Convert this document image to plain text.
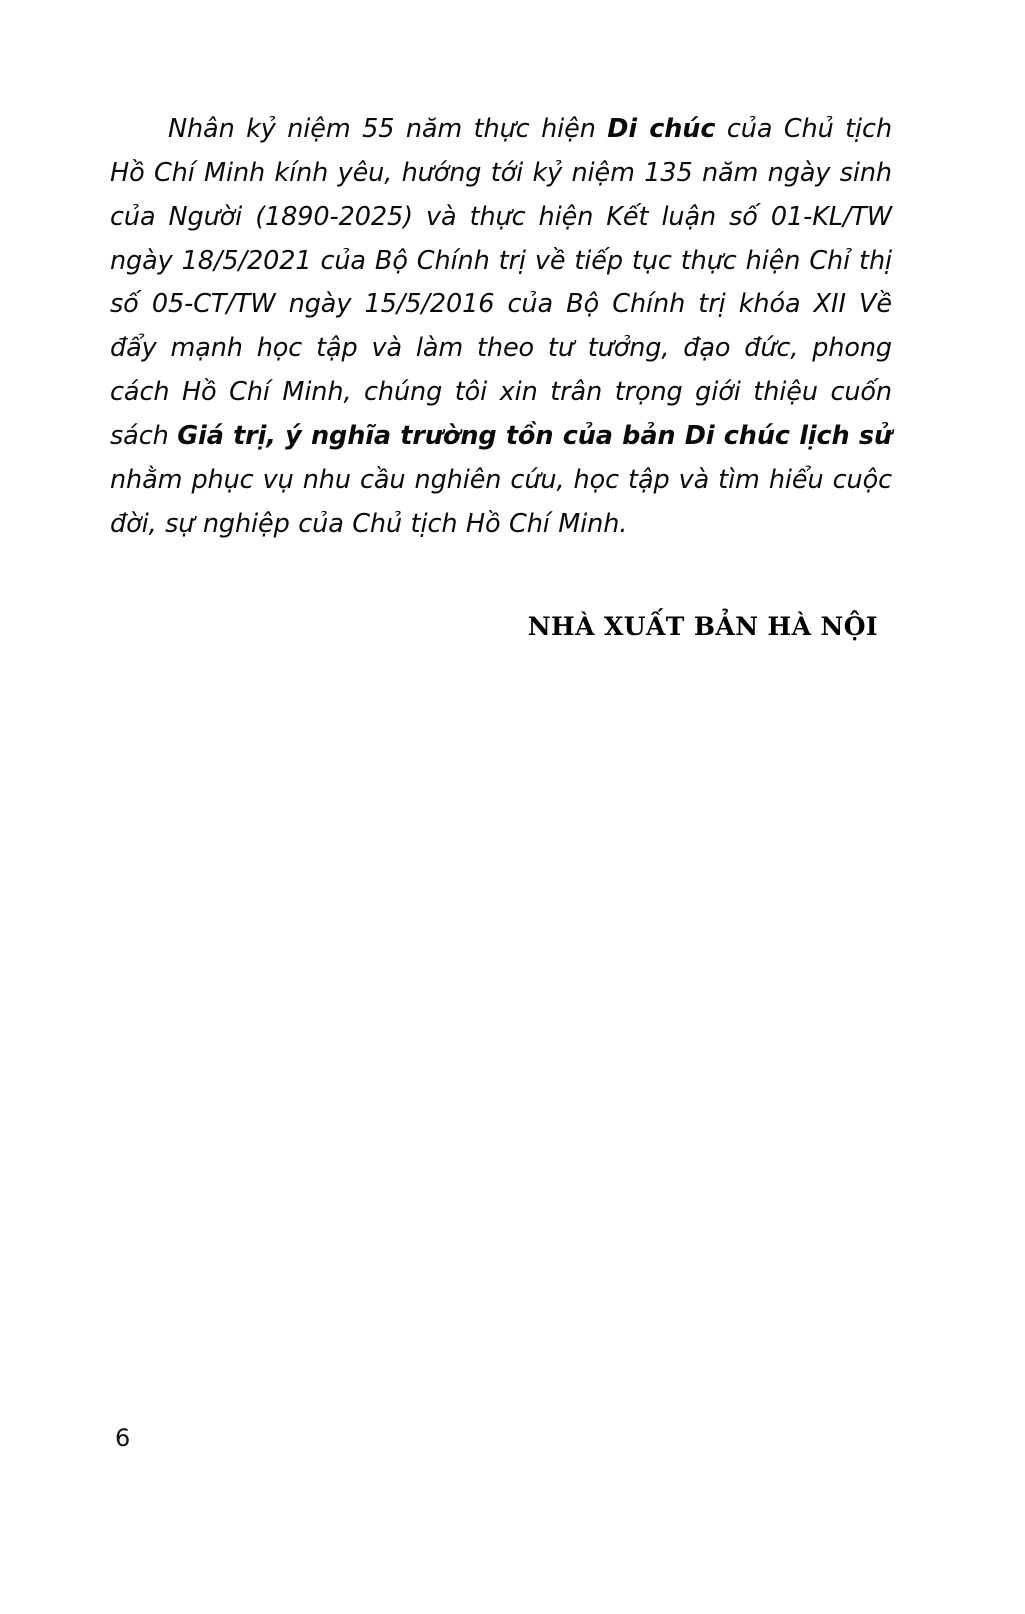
Nhân kỷ niệm 55 năm thực hiện Di chúc của Chủ tịch Hồ Chí Minh kính yêu, hướng tới kỷ niệm 135 năm ngày sinh của Người (1890-2025) và thực hiện Kết luận số 01-KL/TW ngày 18/5/2021 của Bộ Chính trị về tiếp tục thực hiện Chỉ thị số 05-CT/TW ngày 15/5/2016 của Bộ Chính trị khóa XII Về đẩy mạnh học tập và làm theo tư tưởng, đạo đức, phong cách Hồ Chí Minh, chúng tôi xin trân trọng giới thiệu cuốn sách Giá trị, ý nghĩa trường tồn của bản Di chúc lịch sử nhằm phục vụ nhu cầu nghiên cứu, học tập và tìm hiểu cuộc đời, sự nghiệp của Chủ tịch Hồ Chí Minh.

NHÀ XUẤT BẢN HÀ NỘI
6
